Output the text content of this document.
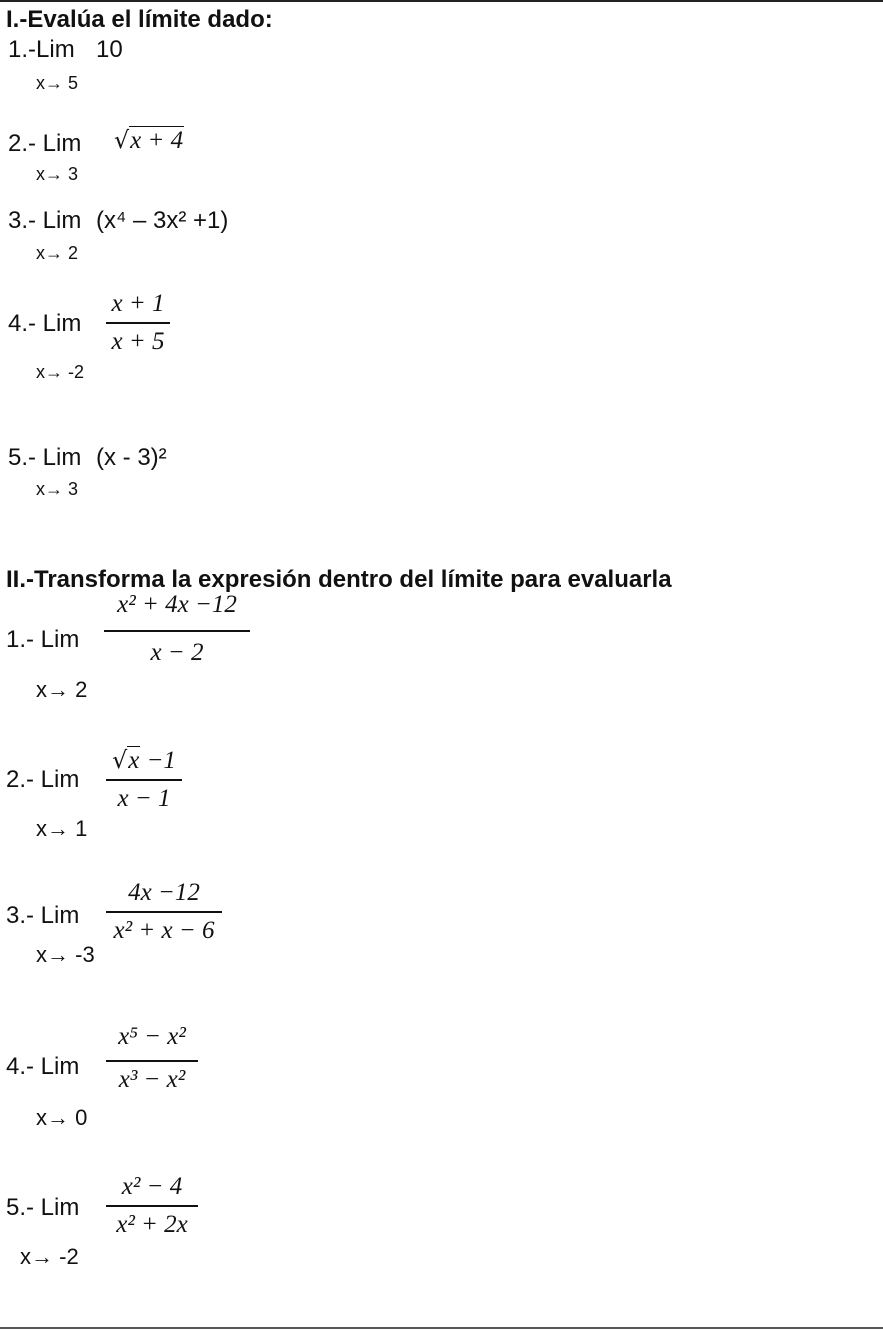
I.-Evalúa el límite dado:
1.-Lim 10
x→ 5
2.- Lim √x + 4
x→ 3
3.- Lim (x⁴ – 3x² +1)
x→ 2
4.- Lim
x + 1
x + 5
x→ -2
5.- Lim (x - 3)²
x→ 3
II.-Transforma la expresión dentro del límite para evaluarla
1.- Lim
x² + 4x −12
x − 2
x→ 2
2.- Lim
√x −1
x − 1
x→ 1
3.- Lim
4x −12
x² + x − 6
x→ -3
4.- Lim
x⁵ − x²
x³ − x²
x→ 0
5.- Lim
x² − 4
x² + 2x
x→ -2
